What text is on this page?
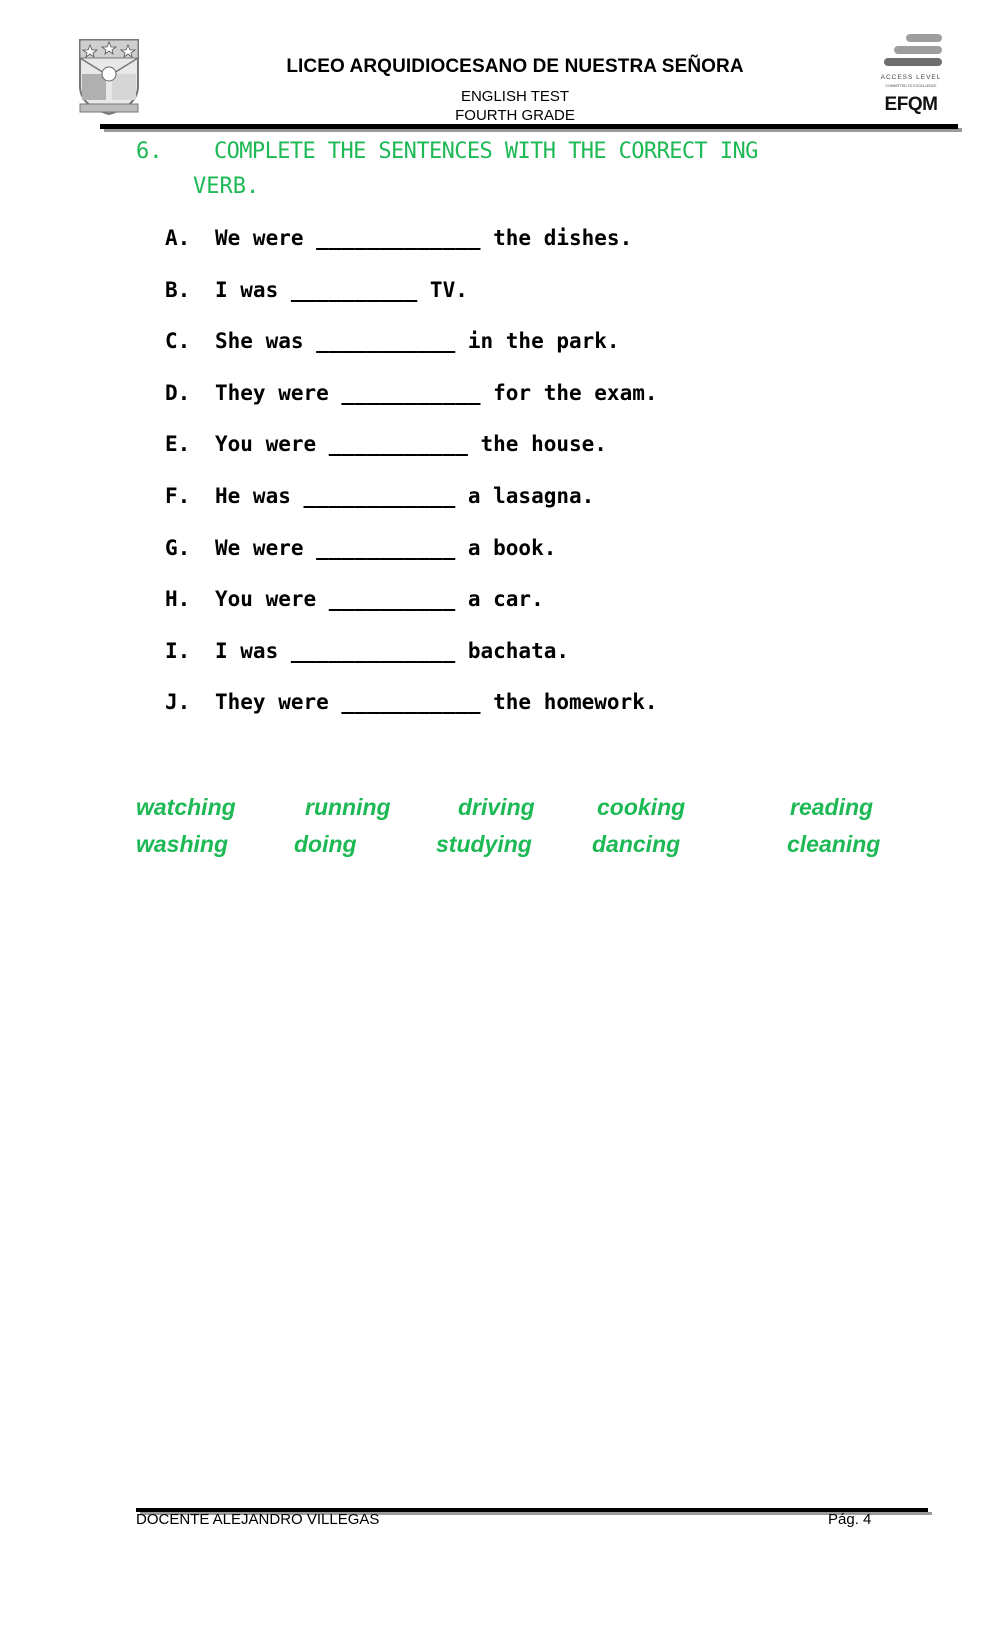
LICEO ARQUIDIOCESANO DE NUESTRA SEÑORA
ENGLISH TEST
FOURTH GRADE
ACCESS LEVEL
COMMITTED TO EXCELLENCE
EFQM
6. COMPLETE THE SENTENCES WITH THE CORRECT ING
VERB.
A. We were _____________ the dishes.
B. I was __________ TV.
C. She was ___________ in the park.
D. They were ___________ for the exam.
E. You were ___________ the house.
F. He was ____________ a lasagna.
G. We were ___________ a book.
H. You were __________ a car.
I. I was _____________ bachata.
J. They were ___________ the homework.
watching	running	driving	cooking	reading
washing	doing	studying	dancing	cleaning
DOCENTE ALEJANDRO VILLEGAS	Pág. 4
